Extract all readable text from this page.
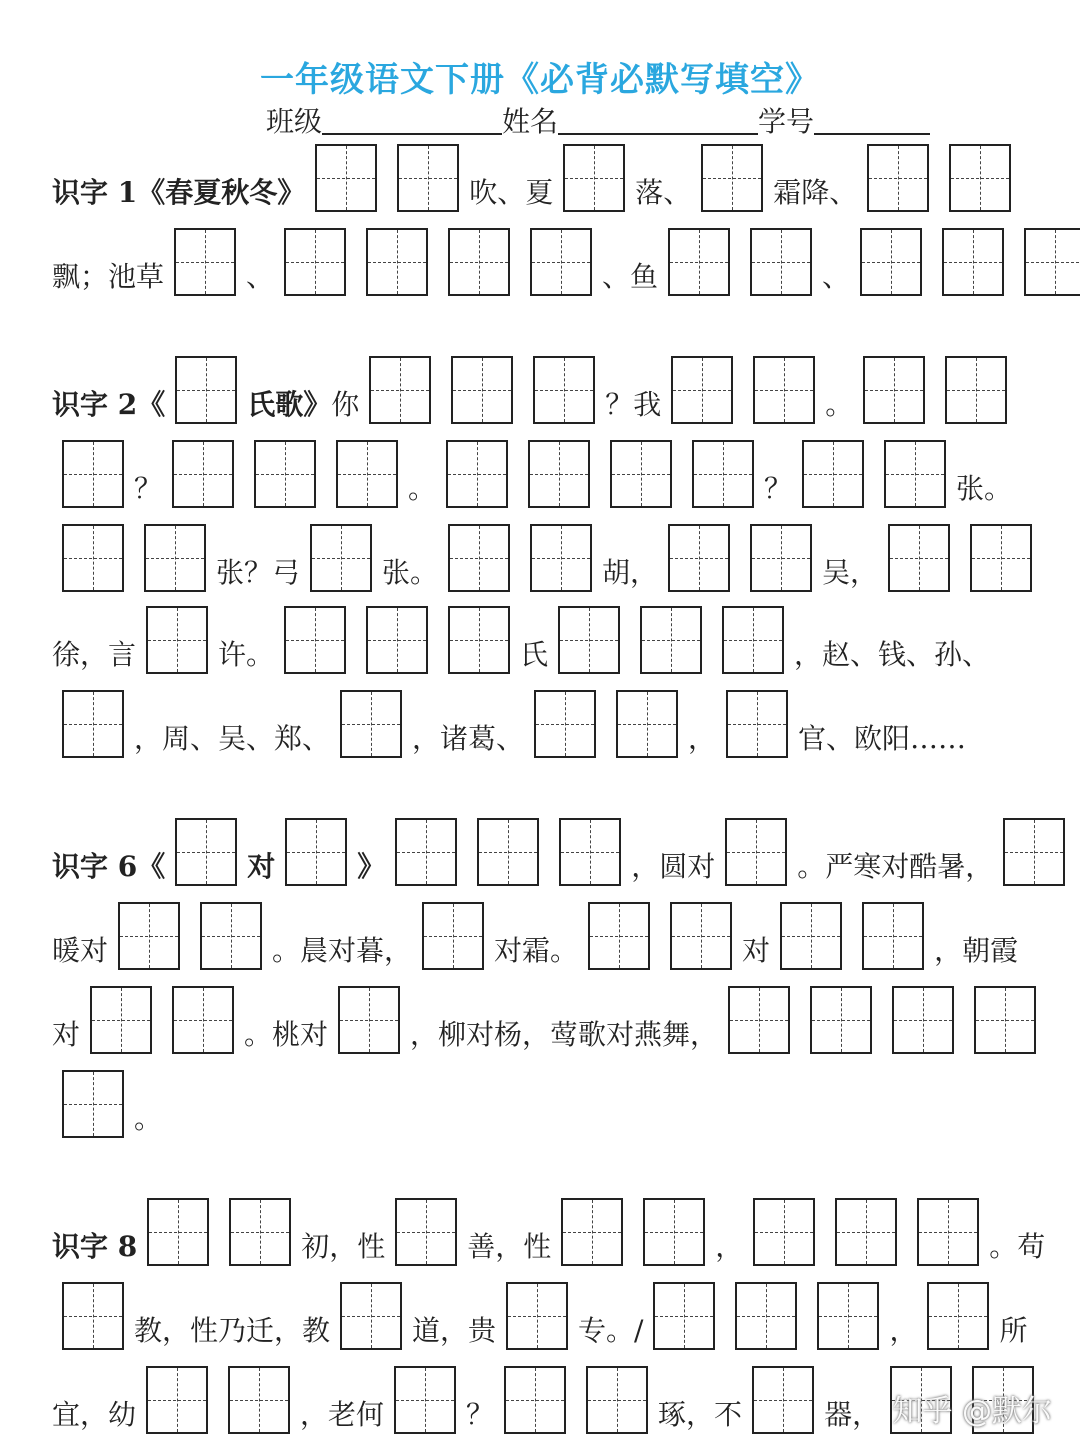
一年级语文下册《必背必默写填空》
班级	姓名	学号
识字 1《春夏秋冬》	吹、夏	落、	霜降、
飘；池草	、	、鱼	、
识字 2《	氏歌》 你	？我	。
？	。	？	张。
张？弓	张。	胡，	吴，
徐，言	许。	氏	，赵、钱、孙、
，周、吴、郑、	，诸葛、	，	官、欧阳……
识字 6《	对	》	，圆对	。严寒对酷暑，
暖对	。晨对暮，	对霜。	对	，朝霞
对	。桃对	，柳对杨，莺歌对燕舞，
。
识字 8	初，性	善，性	，	。苟
教，性乃迁，教	道，贵	专。/	，	所
宜，幼	，老何	？	琢，不	器， 知乎 @默尔
